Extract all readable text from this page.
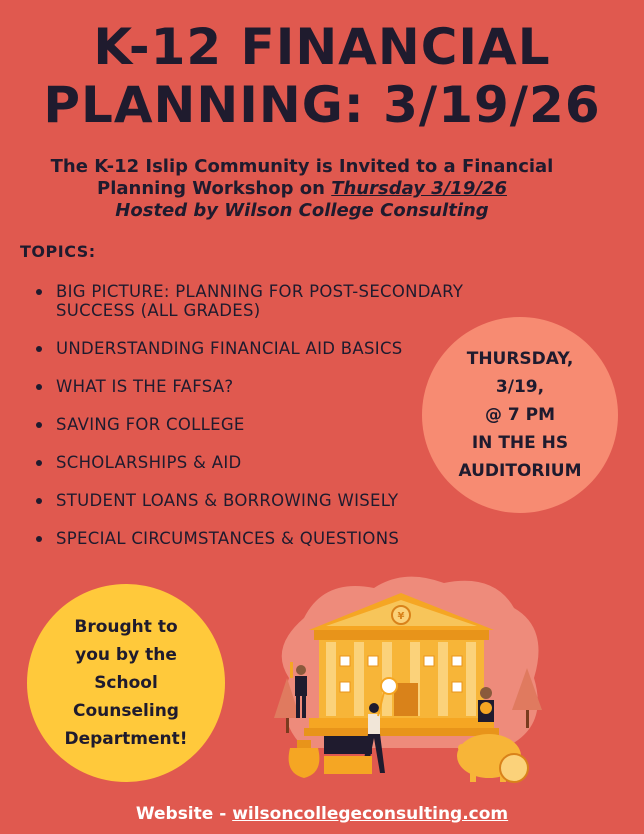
K-12 FINANCIAL
PLANNING: 3/19/26
The K-12 Islip Community is Invited to a Financial
Planning Workshop on Thursday 3/19/26
Hosted by Wilson College Consulting
TOPICS:
BIG PICTURE: PLANNING FOR POST-SECONDARY SUCCESS (ALL GRADES)
UNDERSTANDING FINANCIAL AID BASICS
WHAT IS THE FAFSA?
SAVING FOR COLLEGE
SCHOLARSHIPS & AID
STUDENT LOANS & BORROWING WISELY
SPECIAL CIRCUMSTANCES & QUESTIONS
THURSDAY,
3/19,
@ 7 PM
IN THE HS
AUDITORIUM
Brought to
you by the
School
Counseling
Department!
¥
Website - wilsoncollegeconsulting.com
